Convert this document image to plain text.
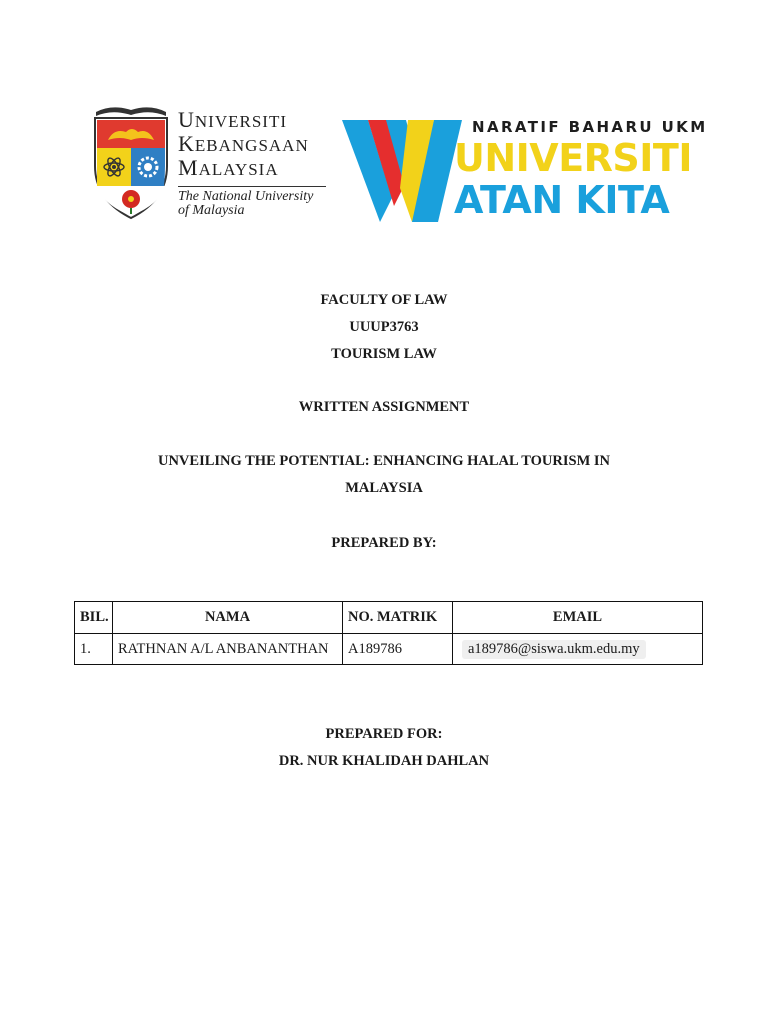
UNIVERSITI
KEBANGSAAN
MALAYSIA
The National University
of Malaysia
NARATIF BAHARU UKM
UNIVERSITI
ATAN KITA
FACULTY OF LAW
UUUP3763
TOURISM LAW
WRITTEN ASSIGNMENT
UNVEILING THE POTENTIAL: ENHANCING HALAL TOURISM IN
MALAYSIA
PREPARED BY:
BIL.	NAMA	NO. MATRIK	EMAIL
1.	RATHNAN A/L ANBANANTHAN	A189786	a189786@siswa.ukm.edu.my
PREPARED FOR:
DR. NUR KHALIDAH DAHLAN
